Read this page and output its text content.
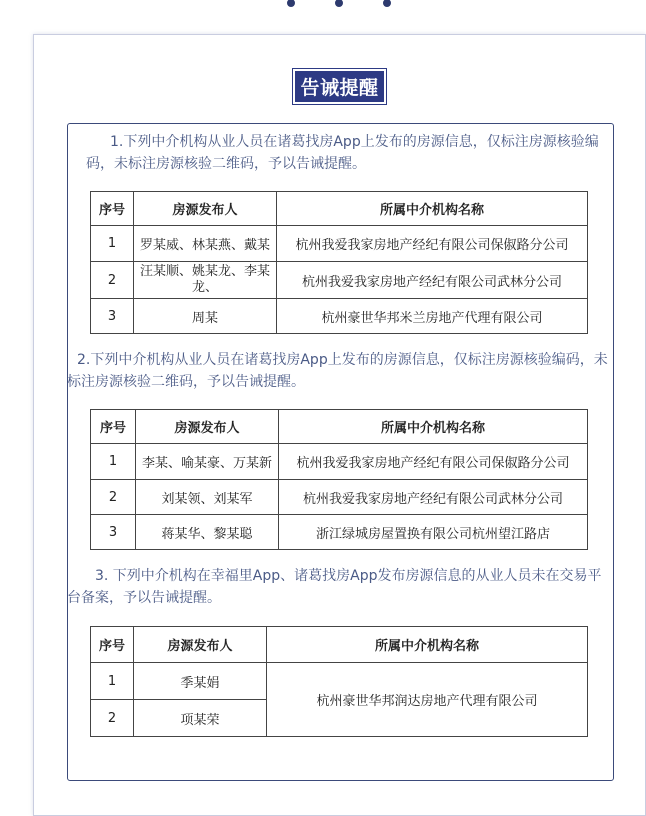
告诫提醒
1.下列中介机构从业人员在诸葛找房App上发布的房源信息，仅标注房源核验编码，未标注房源核验二维码，予以告诫提醒。
序号	房源发布人	所属中介机构名称
1	罗某威、林某燕、戴某	杭州我爱我家房地产经纪有限公司保俶路分公司
2	汪某顺、姚某龙、李某龙、	杭州我爱我家房地产经纪有限公司武林分公司
3	周某	杭州豪世华邦米兰房地产代理有限公司
2.下列中介机构从业人员在诸葛找房App上发布的房源信息，仅标注房源核验编码，未标注房源核验二维码，予以告诫提醒。
序号	房源发布人	所属中介机构名称
1	李某、喻某豪、万某新	杭州我爱我家房地产经纪有限公司保俶路分公司
2	刘某领、刘某军	杭州我爱我家房地产经纪有限公司武林分公司
3	蒋某华、黎某聪	浙江绿城房屋置换有限公司杭州望江路店
3. 下列中介机构在幸福里App、诸葛找房App发布房源信息的从业人员未在交易平台备案，予以告诫提醒。
序号	房源发布人	所属中介机构名称
1	季某娟	杭州豪世华邦润达房地产代理有限公司
2	项某荣	
